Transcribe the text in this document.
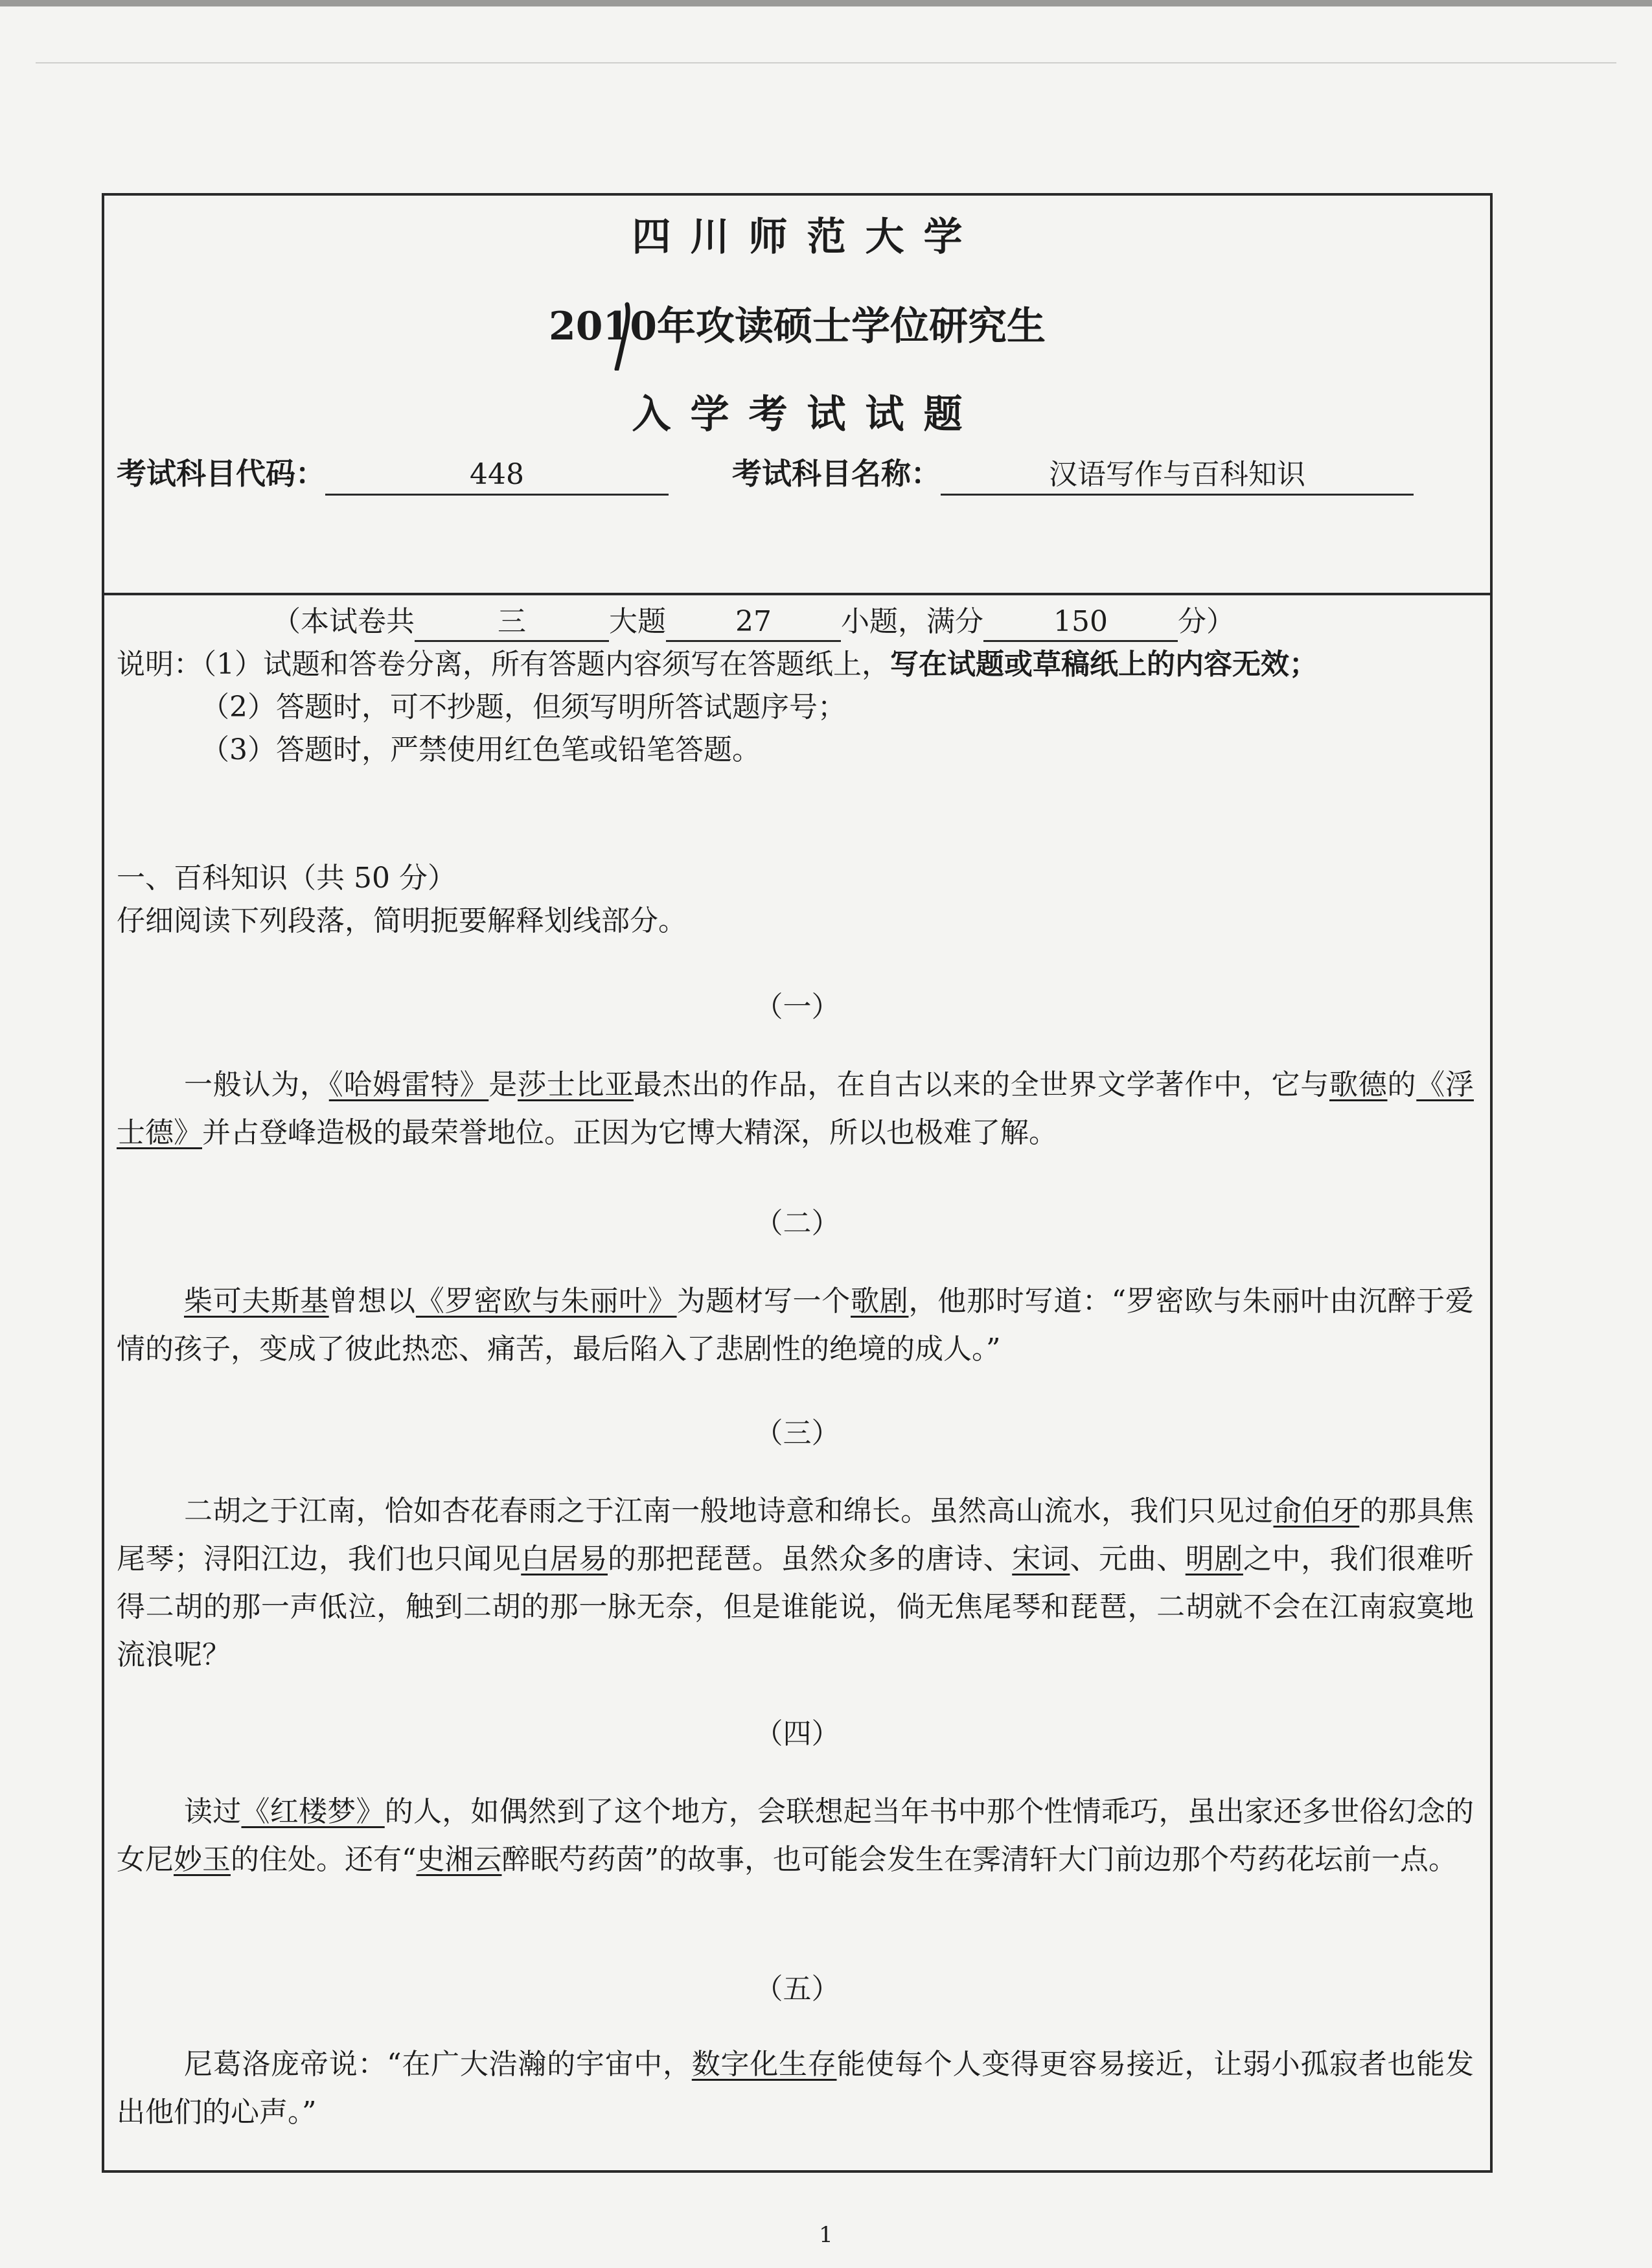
四川师范大学
2010年攻读硕士学位研究生
入学考试试题
考试科目代码：	448	考试科目名称：	汉语写作与百科知识
（本试卷共	三	大题 27 小题，满分 150 分）
说明：（1）试题和答卷分离，所有答题内容须写在答题纸上，写在试题或草稿纸上的内容无效；
（2）答题时，可不抄题，但须写明所答试题序号；
（3）答题时，严禁使用红色笔或铅笔答题。
一、百科知识（共 50 分）
仔细阅读下列段落，简明扼要解释划线部分。
（一）

一般认为，《哈姆雷特》是莎士比亚最杰出的作品，在自古以来的全世界文学著作中，它与歌德的《浮士德》并占登峰造极的最荣誉地位。正因为它博大精深，所以也极难了解。

（二）

柴可夫斯基曾想以《罗密欧与朱丽叶》为题材写一个歌剧，他那时写道：“罗密欧与朱丽叶由沉醉于爱情的孩子，变成了彼此热恋、痛苦，最后陷入了悲剧性的绝境的成人。”

（三）

二胡之于江南，恰如杏花春雨之于江南一般地诗意和绵长。虽然高山流水，我们只见过俞伯牙的那具焦尾琴；浔阳江边，我们也只闻见白居易的那把琵琶。虽然众多的唐诗、宋词、元曲、明剧之中，我们很难听得二胡的那一声低泣，触到二胡的那一脉无奈，但是谁能说，倘无焦尾琴和琵琶，二胡就不会在江南寂寞地流浪呢？

（四）

读过《红楼梦》的人，如偶然到了这个地方，会联想起当年书中那个性情乖巧，虽出家还多世俗幻念的女尼妙玉的住处。还有“史湘云醉眠芍药茵”的故事，也可能会发生在霁清轩大门前边那个芍药花坛前一点。

（五）

尼葛洛庞帝说：“在广大浩瀚的宇宙中，数字化生存能使每个人变得更容易接近，让弱小孤寂者也能发出他们的心声。”

1
